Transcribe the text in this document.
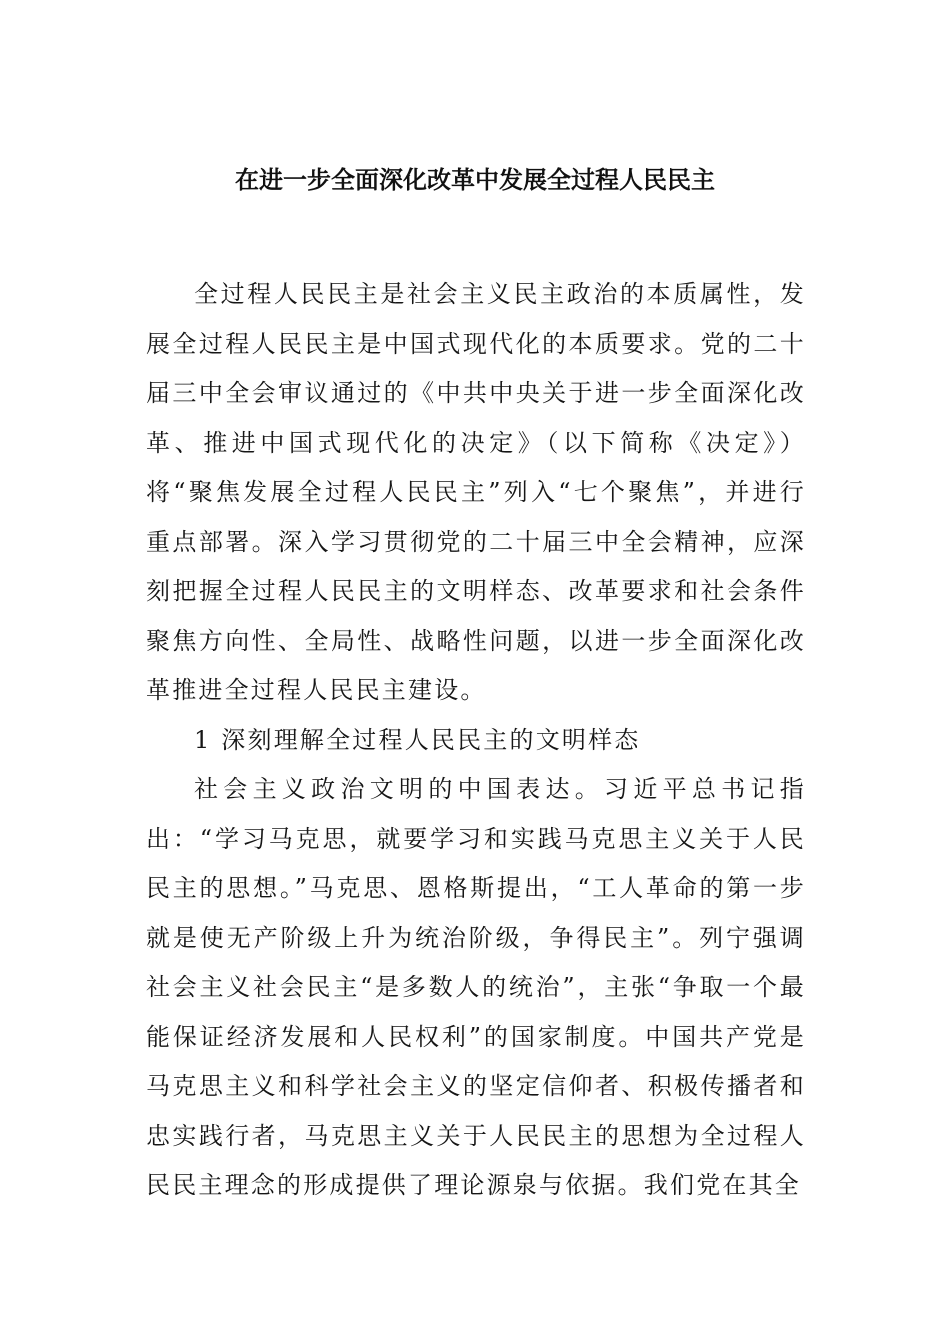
在进一步全面深化改革中发展全过程人民民主

全过程人民民主是社会主义民主政治的本质属性，发展全过程人民民主是中国式现代化的本质要求。党的二十届三中全会审议通过的《中共中央关于进一步全面深化改革、推进中国式现代化的决定》（以下简称《决定》）将“聚焦发展全过程人民民主”列入“七个聚焦”，并进行重点部署。深入学习贯彻党的二十届三中全会精神，应深刻把握全过程人民民主的文明样态、改革要求和社会条件聚焦方向性、全局性、战略性问题，以进一步全面深化改革推进全过程人民民主建设。

1 深刻理解全过程人民民主的文明样态

社会主义政治文明的中国表达。习近平总书记指出：“学习马克思，就要学习和实践马克思主义关于人民民主的思想。”马克思、恩格斯提出，“工人革命的第一步就是使无产阶级上升为统治阶级，争得民主”。列宁强调社会主义社会民主“是多数人的统治”，主张“争取一个最能保证经济发展和人民权利”的国家制度。中国共产党是马克思主义和科学社会主义的坚定信仰者、积极传播者和忠实践行者，马克思主义关于人民民主的思想为全过程人民民主理念的形成提供了理论源泉与依据。我们党在其全
